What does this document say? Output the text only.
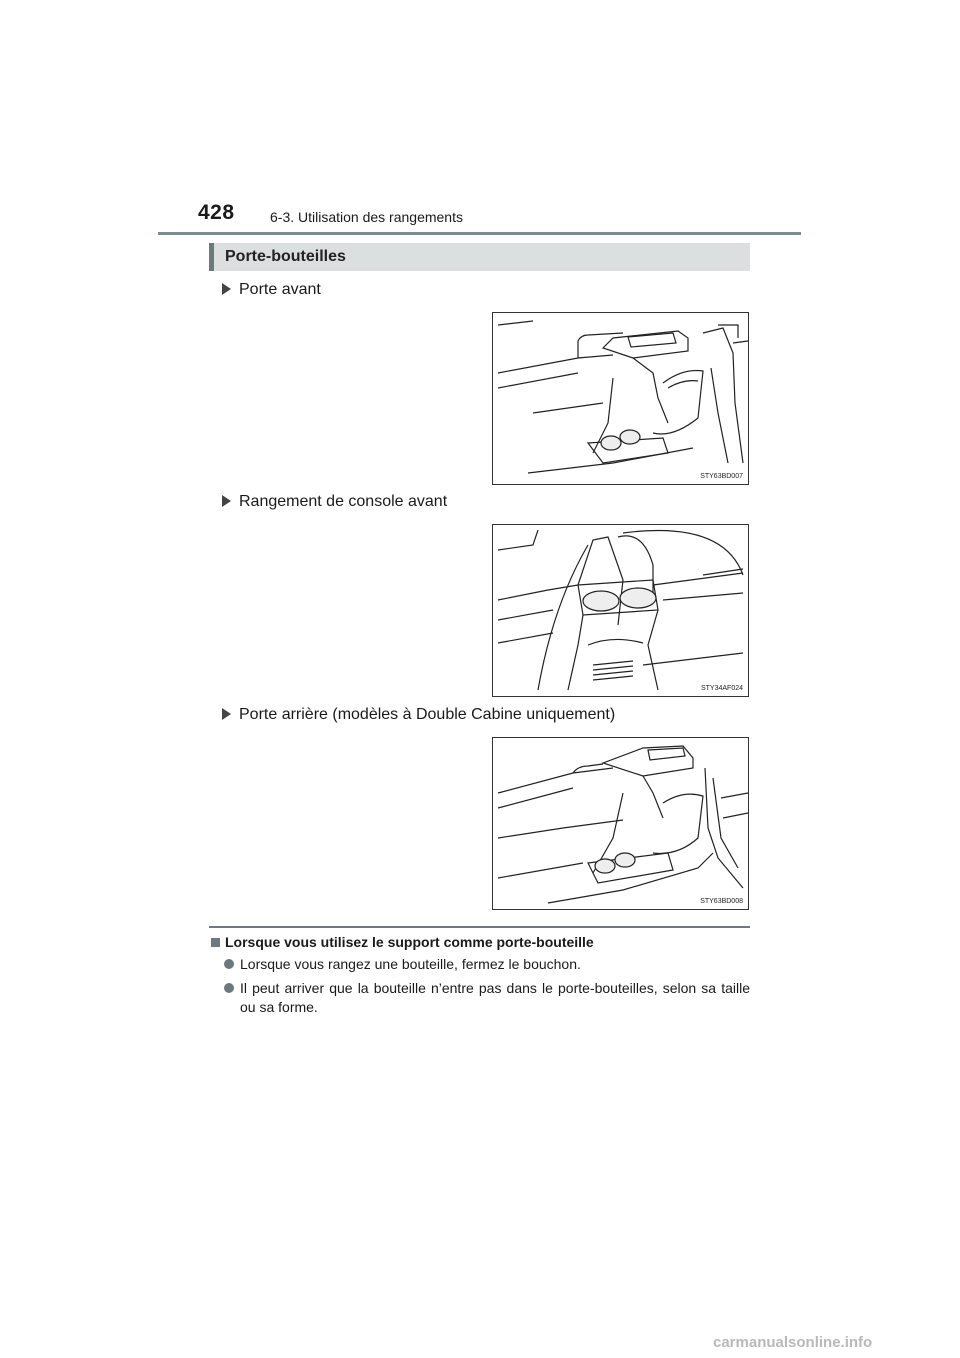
428	6-3. Utilisation des rangements
Porte-bouteilles
Porte avant
STY63BD007
Rangement de console avant
STY34AF024
Porte arrière (modèles à Double Cabine uniquement)
STY63BD008
Lorsque vous utilisez le support comme porte-bouteille
Lorsque vous rangez une bouteille, fermez le bouchon.
Il peut arriver que la bouteille n’entre pas dans le porte-bouteilles, selon sa taille ou sa forme.
carmanualsonline.info
